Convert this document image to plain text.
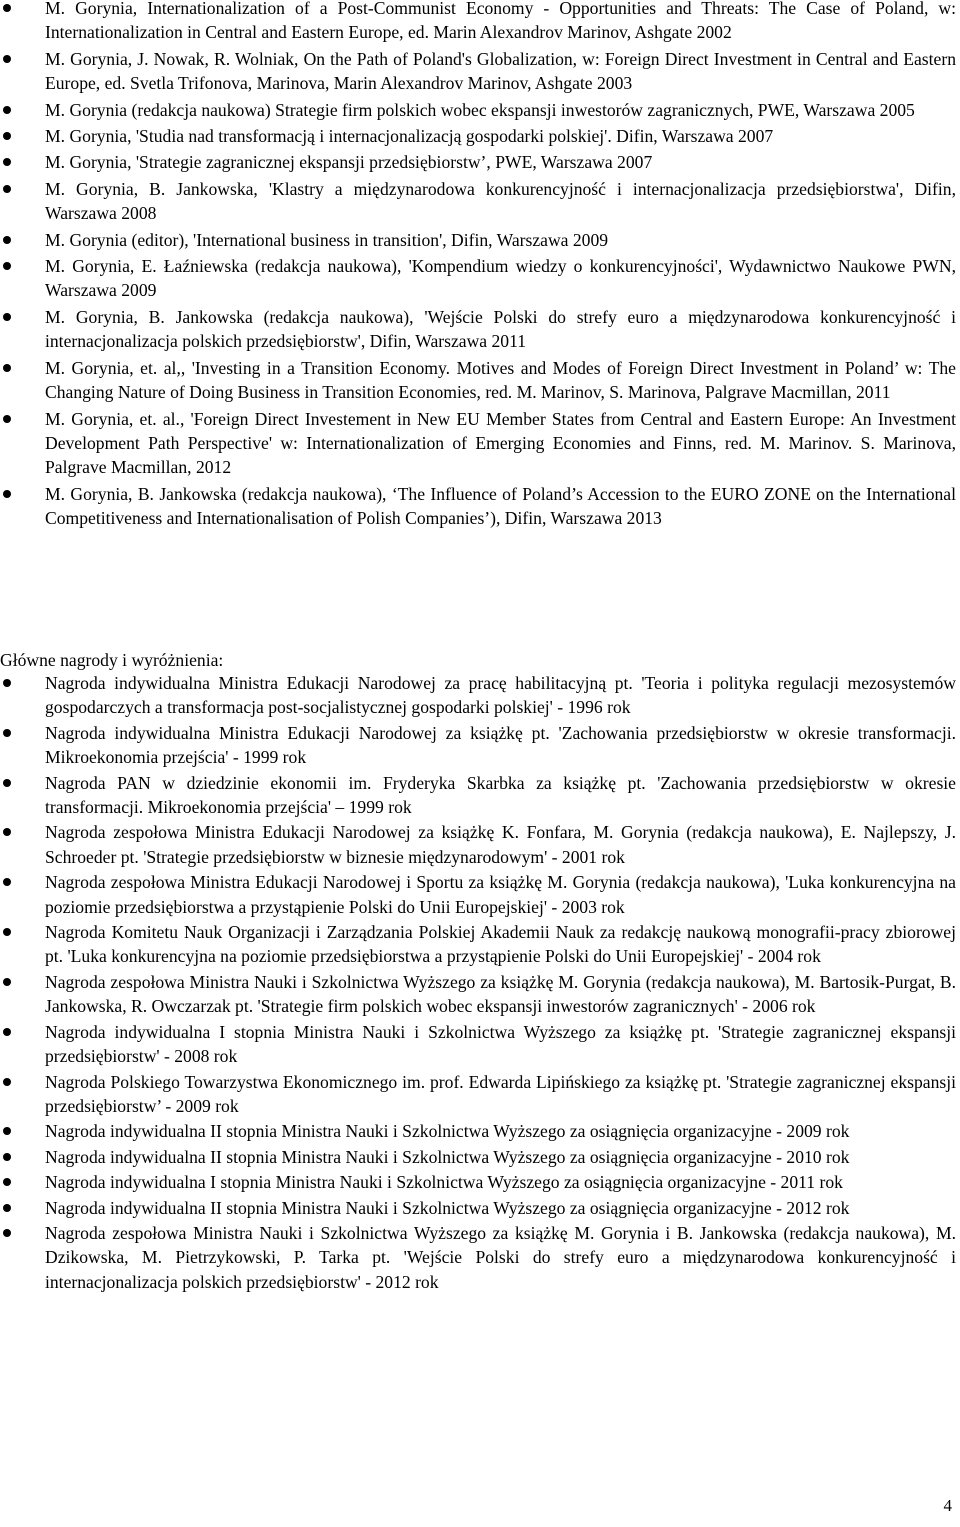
M. Gorynia, Internationalization of a Post-Communist Economy - Opportunities and Threats: The Case of Poland, w: Internationalization in Central and Eastern Europe, ed. Marin Alexandrov Marinov, Ashgate 2002
M. Gorynia, J. Nowak, R. Wolniak, On the Path of Poland's Globalization, w: Foreign Direct Investment in Central and Eastern Europe, ed. Svetla Trifonova, Marinova, Marin Alexandrov Marinov, Ashgate 2003
M. Gorynia (redakcja naukowa) Strategie firm polskich wobec ekspansji inwestorów zagranicznych, PWE, Warszawa 2005
M. Gorynia, 'Studia nad transformacją i internacjonalizacją gospodarki polskiej'. Difin, Warszawa 2007
M. Gorynia, 'Strategie zagranicznej ekspansji przedsiębiorstw’, PWE, Warszawa 2007
M. Gorynia, B. Jankowska, 'Klastry a międzynarodowa konkurencyjność i internacjonalizacja przedsiębiorstwa', Difin, Warszawa 2008
M. Gorynia (editor), 'International business in transition', Difin, Warszawa 2009
M. Gorynia, E. Łaźniewska (redakcja naukowa), 'Kompendium wiedzy o konkurencyjności', Wydawnictwo Naukowe PWN, Warszawa 2009
M. Gorynia, B. Jankowska (redakcja naukowa), 'Wejście Polski do strefy euro a międzynarodowa konkurencyjność i internacjonalizacja polskich przedsiębiorstw', Difin, Warszawa 2011
M. Gorynia, et. al,, 'Investing in a Transition Economy. Motives and Modes of Foreign Direct Investment in Poland’ w: The Changing Nature of Doing Business in Transition Economies, red. M. Marinov, S. Marinova, Palgrave Macmillan, 2011
M. Gorynia, et. al., 'Foreign Direct Investement in New EU Member States from Central and Eastern Europe: An Investment Development Path Perspective' w: Internationalization of Emerging Economies and Finns, red. M. Marinov. S. Marinova, Palgrave Macmillan, 2012
M. Gorynia, B. Jankowska (redakcja naukowa), ‘The Influence of Poland’s Accession to the EURO ZONE on the International Competitiveness and Internationalisation of Polish Companies’), Difin, Warszawa 2013

Główne nagrody i wyróżnienia:

Nagroda indywidualna Ministra Edukacji Narodowej za pracę habilitacyjną pt. 'Teoria i polityka regulacji mezosystemów gospodarczych a transformacja post-socjalistycznej gospodarki polskiej' - 1996 rok
Nagroda indywidualna Ministra Edukacji Narodowej za książkę pt. 'Zachowania przedsiębiorstw w okresie transformacji. Mikroekonomia przejścia' - 1999 rok
Nagroda PAN w dziedzinie ekonomii im. Fryderyka Skarbka za książkę pt. 'Zachowania przedsiębiorstw w okresie transformacji. Mikroekonomia przejścia' – 1999 rok
Nagroda zespołowa Ministra Edukacji Narodowej za książkę K. Fonfara, M. Gorynia (redakcja naukowa), E. Najlepszy, J. Schroeder pt. 'Strategie przedsiębiorstw w biznesie międzynarodowym' - 2001 rok
Nagroda zespołowa Ministra Edukacji Narodowej i Sportu za książkę M. Gorynia (redakcja naukowa), 'Luka konkurencyjna na poziomie przedsiębiorstwa a przystąpienie Polski do Unii Europejskiej' - 2003 rok
Nagroda Komitetu Nauk Organizacji i Zarządzania Polskiej Akademii Nauk za redakcję naukową monografii-pracy zbiorowej pt. 'Luka konkurencyjna na poziomie przedsiębiorstwa a przystąpienie Polski do Unii Europejskiej' - 2004 rok
Nagroda zespołowa Ministra Nauki i Szkolnictwa Wyższego za książkę M. Gorynia (redakcja naukowa), M. Bartosik-Purgat, B. Jankowska, R. Owczarzak pt. 'Strategie firm polskich wobec ekspansji inwestorów zagranicznych' - 2006 rok
Nagroda indywidualna I stopnia Ministra Nauki i Szkolnictwa Wyższego za książkę pt. 'Strategie zagranicznej ekspansji przedsiębiorstw' - 2008 rok
Nagroda Polskiego Towarzystwa Ekonomicznego im. prof. Edwarda Lipińskiego za książkę pt. 'Strategie zagranicznej ekspansji przedsiębiorstw’ - 2009 rok
Nagroda indywidualna II stopnia Ministra Nauki i Szkolnictwa Wyższego za osiągnięcia organizacyjne - 2009 rok
Nagroda indywidualna II stopnia Ministra Nauki i Szkolnictwa Wyższego za osiągnięcia organizacyjne - 2010 rok
Nagroda indywidualna I stopnia Ministra Nauki i Szkolnictwa Wyższego za osiągnięcia organizacyjne - 2011 rok
Nagroda indywidualna II stopnia Ministra Nauki i Szkolnictwa Wyższego za osiągnięcia organizacyjne - 2012 rok
Nagroda zespołowa Ministra Nauki i Szkolnictwa Wyższego za książkę M. Gorynia i B. Jankowska (redakcja naukowa), M. Dzikowska, M. Pietrzykowski, P. Tarka pt. 'Wejście Polski do strefy euro a międzynarodowa konkurencyjność i internacjonalizacja polskich przedsiębiorstw' - 2012 rok
4
